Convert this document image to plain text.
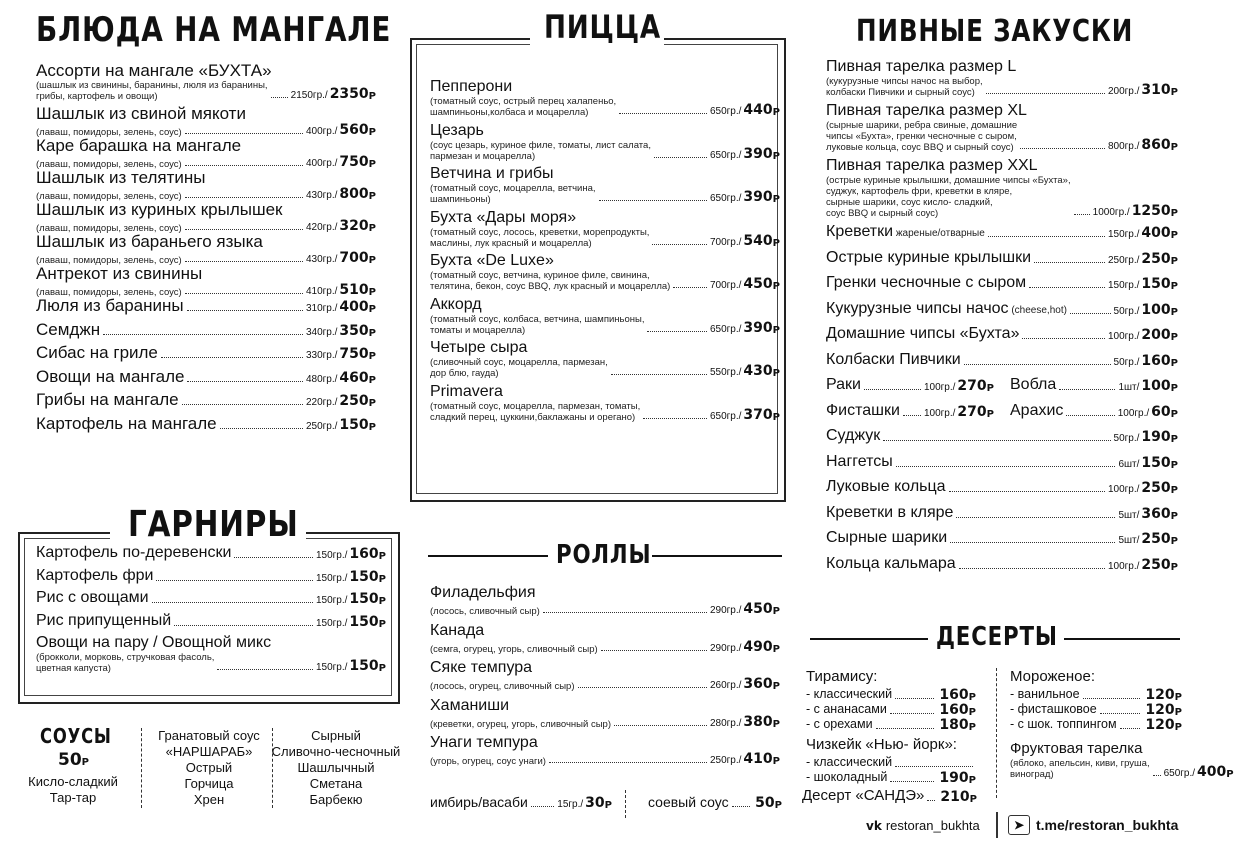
БЛЮДА НА МАНГАЛЕ
Ассорти на мангале «БУХТА»
(шашлык из свинины, баранины, люля из баранины,
грибы, картофель и овощи)	2150гр./ 2350 Р
Шашлык из свиной мякоти
(лаваш, помидоры, зелень, соус)	400гр./ 560 Р
Каре барашка на мангале
(лаваш, помидоры, зелень, соус)	400гр./ 750 Р
Шашлык из телятины
(лаваш, помидоры, зелень, соус)	430гр./ 800 Р
Шашлык из куриных крылышек
(лаваш, помидоры, зелень, соус)	420гр./ 320 Р
Шашлык из бараньего языка
(лаваш, помидоры, зелень, соус)	430гр./ 700 Р
Антрекот из свинины
(лаваш, помидоры, зелень, соус)	410гр./ 510 Р
Люля из баранины	310гр./ 400 Р
Семджн	340гр./ 350 Р
Сибас на гриле	330гр./ 750 Р
Овощи на мангале	480гр./ 460 Р
Грибы на мангале	220гр./ 250 Р
Картофель на мангале	250гр./ 150 Р
ГАРНИРЫ
Картофель по-деревенски	150гр./ 160 Р
Картофель фри	150гр./ 150 Р
Рис с овощами	150гр./ 150 Р
Рис припущенный	150гр./ 150 Р
Овощи на пару / Овощной микс
(брокколи, морковь, стручковая фасоль,
цветная капуста)	150гр./ 150 Р
СОУСЫ
50Р
Кисло-сладкий
Тар-тар
Гранатовый соус
«НАРШАРАБ»
Острый
Горчица
Хрен
Сырный
Сливочно-чесночный
Шашлычный
Сметана
Барбекю
ПИЦЦА
Пепперони
(томатный соус, острый перец халапеньо,
шампиньоны,колбаса и моцарелла)	650гр./ 440 Р
Цезарь
(соус цезарь, куриное филе, томаты, лист салата,
пармезан и моцарелла)	650гр./ 390 Р
Ветчина и грибы
(томатный соус, моцарелла, ветчина,
шампиньоны)	650гр./ 390 Р
Бухта «Дары моря»
(томатный соус, лосось, креветки, морепродукты,
маслины, лук красный и моцарелла)	700гр./ 540 Р
Бухта «De Luxe»
(томатный соус, ветчина, куриное филе, свинина,
телятина, бекон, соус BBQ, лук красный и моцарелла)	700гр./ 450 Р
Аккорд
(томатный соус, колбаса, ветчина, шампиньоны,
томаты и моцарелла)	650гр./ 390 Р
Четыре сыра
(сливочный соус, моцарелла, пармезан,
дор блю, гауда)	550гр./ 430 Р
Primavera
(томатный соус, моцарелла, пармезан, томаты,
сладкий перец, цуккини,баклажаны и орегано)	650гр./ 370 Р
РОЛЛЫ
Филадельфия
(лосось, сливочный сыр)	290гр./ 450 Р
Канада
(семга, огурец, угорь, сливочный сыр)	290гр./ 490 Р
Сяке темпура
(лосось, огурец, сливочный сыр)	260гр./ 360 Р
Хаманиши
(креветки, огурец, угорь, сливочный сыр)	280гр./ 380 Р
Унаги темпура
(угорь, огурец, соус унаги)	250гр./ 410 Р
имбирь/васаби	15гр./ 30 Р	соевый соус 50 Р
ПИВНЫЕ ЗАКУСКИ
Пивная тарелка размер L
(кукурузные чипсы начос на выбор,
колбаски Пивчики и сырный соус)	200гр./ 310 Р
Пивная тарелка размер XL
(сырные шарики, ребра свиные, домашние
чипсы «Бухта», гренки чесночные с сыром,
луковые кольца, соус BBQ и сырный соус)	800гр./ 860 Р
Пивная тарелка размер XXL
(острые куриные крылышки, домашние чипсы «Бухта»,
суджук, картофель фри, креветки в кляре,
сырные шарики, соус кисло- сладкий,
соус BBQ и сырный соус)	1000гр./ 1250 Р
Креветки жареные/отварные	150гр./ 400 Р
Острые куриные крылышки	250гр./ 250 Р
Гренки чесночные с сыром	150гр./ 150 Р
Кукурузные чипсы начос (cheese,hot)	50гр./ 100 Р
Домашние чипсы «Бухта»	100гр./ 200 Р
Колбаски Пивчики	50гр./ 160 Р
Раки	100гр./ 270 Р Вобла	1шт/ 100 Р
Фисташки 100гр./ 270 Р Арахис	100гр./ 60 Р
Суджук	50гр./ 190 Р
Наггетсы	6шт/ 150 Р
Луковые кольца	100гр./ 250 Р
Креветки в кляре	5шт/ 360 Р
Сырные шарики	5шт/ 250 Р
Кольца кальмара	100гр./ 250 Р
ДЕСЕРТЫ
Тирамису:
- классический	160 Р
- с ананасами	160 Р
- с орехами	180 Р
Чизкейк «Нью- йорк»:
- классический
- шоколадный	190 Р
Десерт «САНДЭ» 210 Р
Мороженое:
- ванильное	120 Р
- фисташковое	120 Р
- с шок. топпингом 120 Р
Фруктовая тарелка
(яблоко, апельсин, киви, груша,
виноград)	650гр./ 400 Р
vk restoran_bukhta	➤ t.me/restoran_bukhta
